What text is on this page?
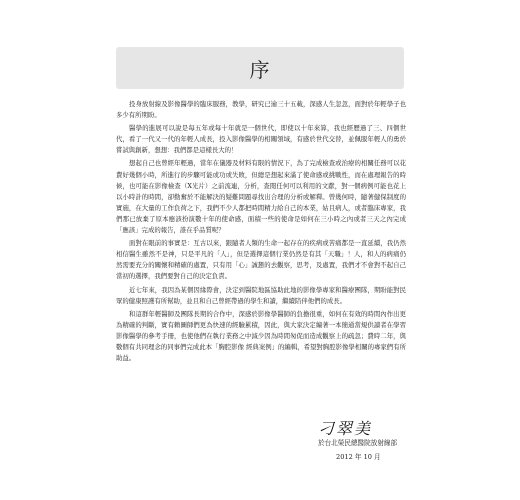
序

投身放射線及影像醫學的臨床服務，教學，研究已逾三十五載，深感人生忽忽，面對於年輕學子也多少有所期盼。

醫學的進展可以說是每五年或每十年就是一個世代，即使以十年來算，我也經歷過了三、四個世代，看了一代又一代的年輕人成長，投入影像醫學的相關領域，有感於世代交替，並佩服年輕人的勇於嘗試與創新，想想：我們都是這樣長大的！

想起自己也曾經年輕過，當年在儀器及材料有限的情況下，為了完成檢查或治療的相關任務可以花費好幾個小時，所進行的步驟可能或功或失敗，但總是想起來滿了使命感或挑戰性，而在處理報告的時候，也可能在影像檢查（X光片）之前流連，分析，查閱任何可以利用的文獻，對一個病例可能也花上以小時計的時間，卻勤奮於不能解決的疑難問題尋找出合理的分析或解釋。曾幾何時，隨著健保制度的實施，在大量的工作負荷之下，我們不少人都把時間精力給自己的本業，姑且病人，或者臨床專家，我們那已放棄了原本應該扮演數十年的使命感，面積一些的使命是如何在三小時之內或者三天之內完成「應該」完成的報告，誰在乎品質呢？

面對在眼前的事實是：互古以來，跟隨者人類的生命一起存在的疾病或苦痛都是一直延續，我仍然相信醫生雖然不是神，只是平凡的「人」，但是選擇這個行業仍然是有其「天職」！人，和人的病痛仍然需要充分的關懷和精確的處置，只有用「心」誠懇的去觀察，思考，及處置，我們才不會對不起自己當初的選擇，我們要對自己的決定負責。

近七年來，我因為某個因緣際會，決定到醫院地區協助此地的影像學專家和醫療團隊，期盼能對民眾的健康照護有所幫助，並且和自己曾經帶過的學生和讀，繼續陪伴他們的成長。

和這群年輕醫師及團隊長期的合作中，深感於影像學醫師的負擔很重，如何在有效的時間內作出更為精確的判斷，實有賴圖師們更為快速的經驗累積，因此，與大家決定編著一本簡通當規供讀者在學習影像醫學的參考手冊，也使他們在執行業務之中減少因為時間匆促而造成觀察上的疏忽；費時二年，與數個有共同理念的同事們完成此本「胸腔影像 經典案例」的編輯，希望對胸腔影像學相關的專家們有所助益。

刁翠美
於台北榮民總醫院放射線部
2012 年 10 月
